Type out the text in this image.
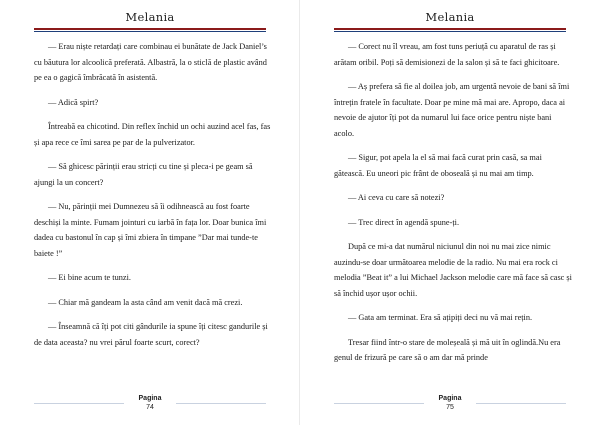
Melania

— Erau niște retardați care combinau ei bunătate de Jack Daniel’s cu băutura lor alcoolică preferată. Albastră, la o sticlă de plastic având pe ea o gagică îmbrăcată în asistentă.

— Adică spirt?

Întreabă ea chicotind. Din reflex închid un ochi auzind acel fas, fas și apa rece ce îmi sarea pe par de la pulverizator.

— Să ghicesc părinții erau stricți cu tine și pleca-i pe geam să ajungi la un concert?

— Nu, părinții mei Dumnezeu să îi odihnească au fost foarte deschiși la minte. Fumam jointuri cu iarbă în fața lor. Doar bunica îmi dadea cu bastonul în cap și îmi zbiera în timpane ”Dar mai tunde-te baiete !”

— Ei bine acum te tunzi.

— Chiar mă gandeam la asta când am venit dacă mă crezi.

— Înseamnă că îți pot citi gândurile ia spune îți citesc gandurile și de data aceasta? nu vrei părul foarte scurt, corect?

Pagina
74
Melania

— Corect nu îl vreau, am fost tuns periuță cu aparatul de ras și arătam oribil. Poți să demisionezi de la salon și să te faci ghicitoare.

— Aș prefera să fie al doilea job, am urgentă nevoie de bani să îmi întrețin fratele în facultate. Doar pe mine mă mai are. Apropo, daca ai nevoie de ajutor îți pot da numarul lui face orice pentru niște bani acolo.

— Sigur, pot apela la el să mai facă curat prin casă, sa mai gătească. Eu uneori pic frânt de oboseală și nu mai am timp.

— Ai ceva cu care să notezi?

— Trec direct în agendă spune-ți.

După ce mi-a dat numărul niciunul din noi nu mai zice nimic auzindu-se doar următoarea melodie de la radio. Nu mai era rock ci melodia ”Beat it” a lui Michael Jackson melodie care mă face să casc și să închid ușor ușor ochii.

— Gata am terminat. Era să ațipiți deci nu vă mai rețin.

Tresar fiind într-o stare de moleșeală și mă uit în oglindă.Nu era genul de frizură pe care să o am dar mă prinde

Pagina
75
